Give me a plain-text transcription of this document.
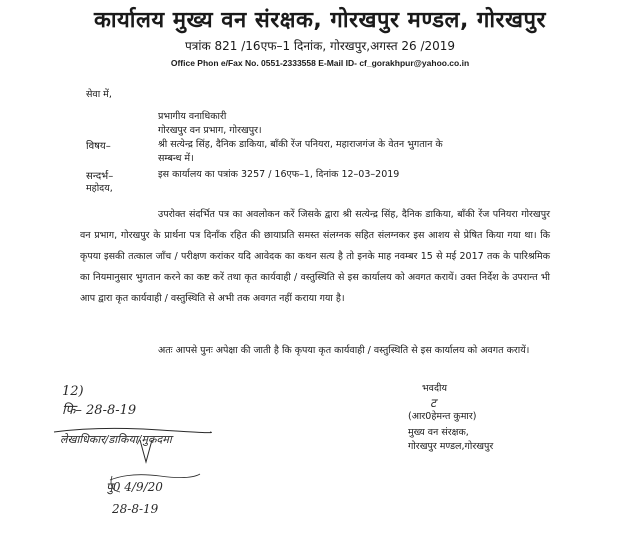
कार्यालय मुख्य वन संरक्षक, गोरखपुर मण्डल, गोरखपुर
पत्रांक 821 /16एफ–1 दिनांक, गोरखपुर,अगस्त 26 /2019
Office Phon e/Fax No. 0551-2333558 E-Mail ID- cf_gorakhpur@yahoo.co.in
सेवा में,
प्रभागीय वनाधिकारी
गोरखपुर वन प्रभाग, गोरखपुर।
विषय–	श्री सत्येन्द्र सिंह, दैनिक डाकिया, बाँकी रेंज पनियरा, महाराजगंज के वेतन भुगतान के
सम्बन्ध में।
सन्दर्भ–	इस कार्यालय का पत्रांक 3257 / 16एफ–1, दिनांक 12–03–2019
महोदय,
उपरोक्त संदर्भित पत्र का अवलोकन करें जिसके द्वारा श्री सत्येन्द्र सिंह, दैनिक डाकिया, बाँकी रेंज पनियरा गोरखपुर वन प्रभाग, गोरखपुर के प्रार्थना पत्र दिनाँक रहित की छायाप्रति समस्त संलग्नक सहित संलग्नकर इस आशय से प्रेषित किया गया था। कि कृपया इसकी तत्काल जाँच / परीक्षण करांकर यदि आवेदक का कथन सत्य है तो इनके माह नवम्बर 15 से मई 2017 तक के पारिश्रमिक का नियमानुसार भुगतान करने का कष्ट करें तथा कृत कार्यवाही / वस्तुस्थिति से इस कार्यालय को अवगत करायें। उक्त निर्देश के उपरान्त भी आप द्वारा कृत कार्यवाही / वस्तुस्थिति से अभी तक अवगत नहीं कराया गया है।
अतः आपसे पुनः अपेक्षा की जाती है कि कृपया कृत कार्यवाही / वस्तुस्थिति से इस कार्यालय को अवगत करायें।
भवदीय
ट
(आर0हेमन्त कुमार)
मुख्य वन संरक्षक,
गोरखपुर मण्डल,गोरखपुर
12)
फि– 28-8-19
लेखाधिकार/डाकिया/मुकदमा
पु0 4/9/20
28-8-19
